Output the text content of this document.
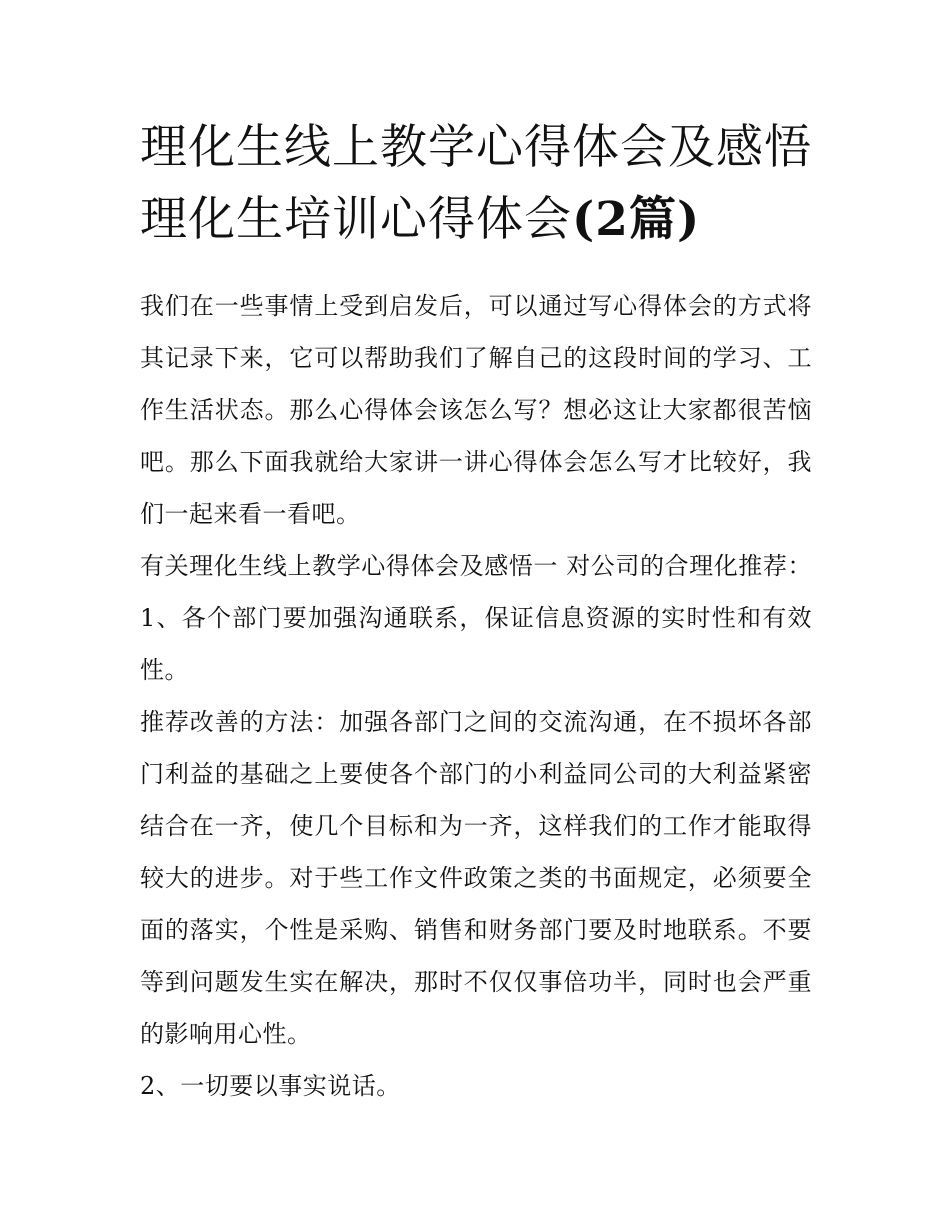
理化生线上教学心得体会及感悟 理化生培训心得体会(2篇)

我们在一些事情上受到启发后，可以通过写心得体会的方式将其记录下来，它可以帮助我们了解自己的这段时间的学习、工作生活状态。那么心得体会该怎么写？想必这让大家都很苦恼吧。那么下面我就给大家讲一讲心得体会怎么写才比较好，我们一起来看一看吧。

有关理化生线上教学心得体会及感悟一 对公司的合理化推荐：1、各个部门要加强沟通联系，保证信息资源的实时性和有效性。

推荐改善的方法：加强各部门之间的交流沟通，在不损坏各部门利益的基础之上要使各个部门的小利益同公司的大利益紧密结合在一齐，使几个目标和为一齐，这样我们的工作才能取得较大的进步。对于些工作文件政策之类的书面规定，必须要全面的落实，个性是采购、销售和财务部门要及时地联系。不要等到问题发生实在解决，那时不仅仅事倍功半，同时也会严重的影响用心性。

2、一切要以事实说话。
